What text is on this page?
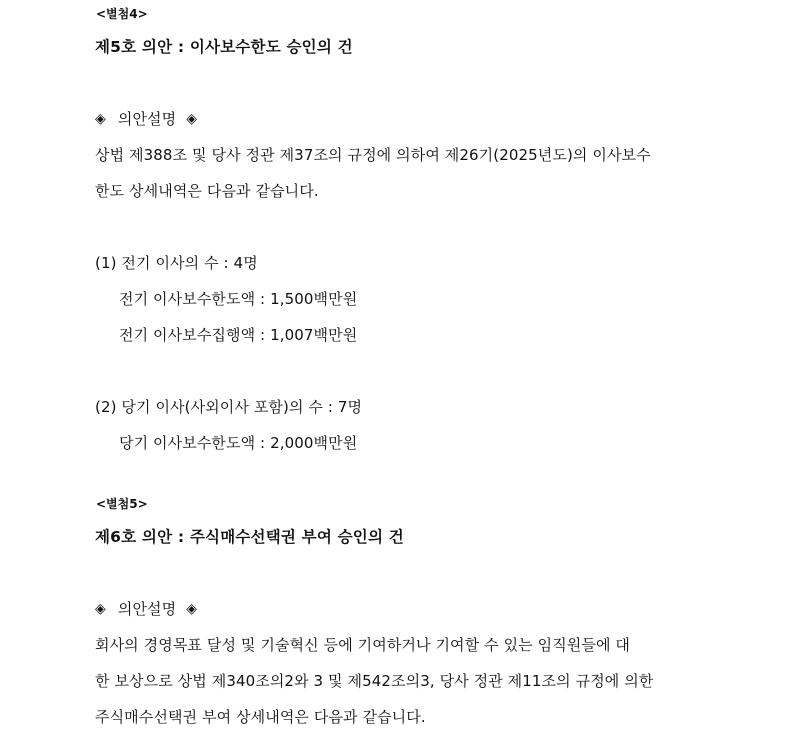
<별첨4>
제5호 의안 : 이사보수한도 승인의 건
◈ 의안설명 ◈
상법 제388조 및 당사 정관 제37조의 규정에 의하여 제26기(2025년도)의 이사보수
한도 상세내역은 다음과 같습니다.
(1) 전기 이사의 수 : 4명
전기 이사보수한도액 : 1,500백만원
전기 이사보수집행액 : 1,007백만원
(2) 당기 이사(사외이사 포함)의 수 : 7명
당기 이사보수한도액 : 2,000백만원
<별첨5>
제6호 의안 : 주식매수선택권 부여 승인의 건
◈ 의안설명 ◈
회사의 경영목표 달성 및 기술혁신 등에 기여하거나 기여할 수 있는 임직원들에 대
한 보상으로 상법 제340조의2와 3 및 제542조의3, 당사 정관 제11조의 규정에 의한
주식매수선택권 부여 상세내역은 다음과 같습니다.
